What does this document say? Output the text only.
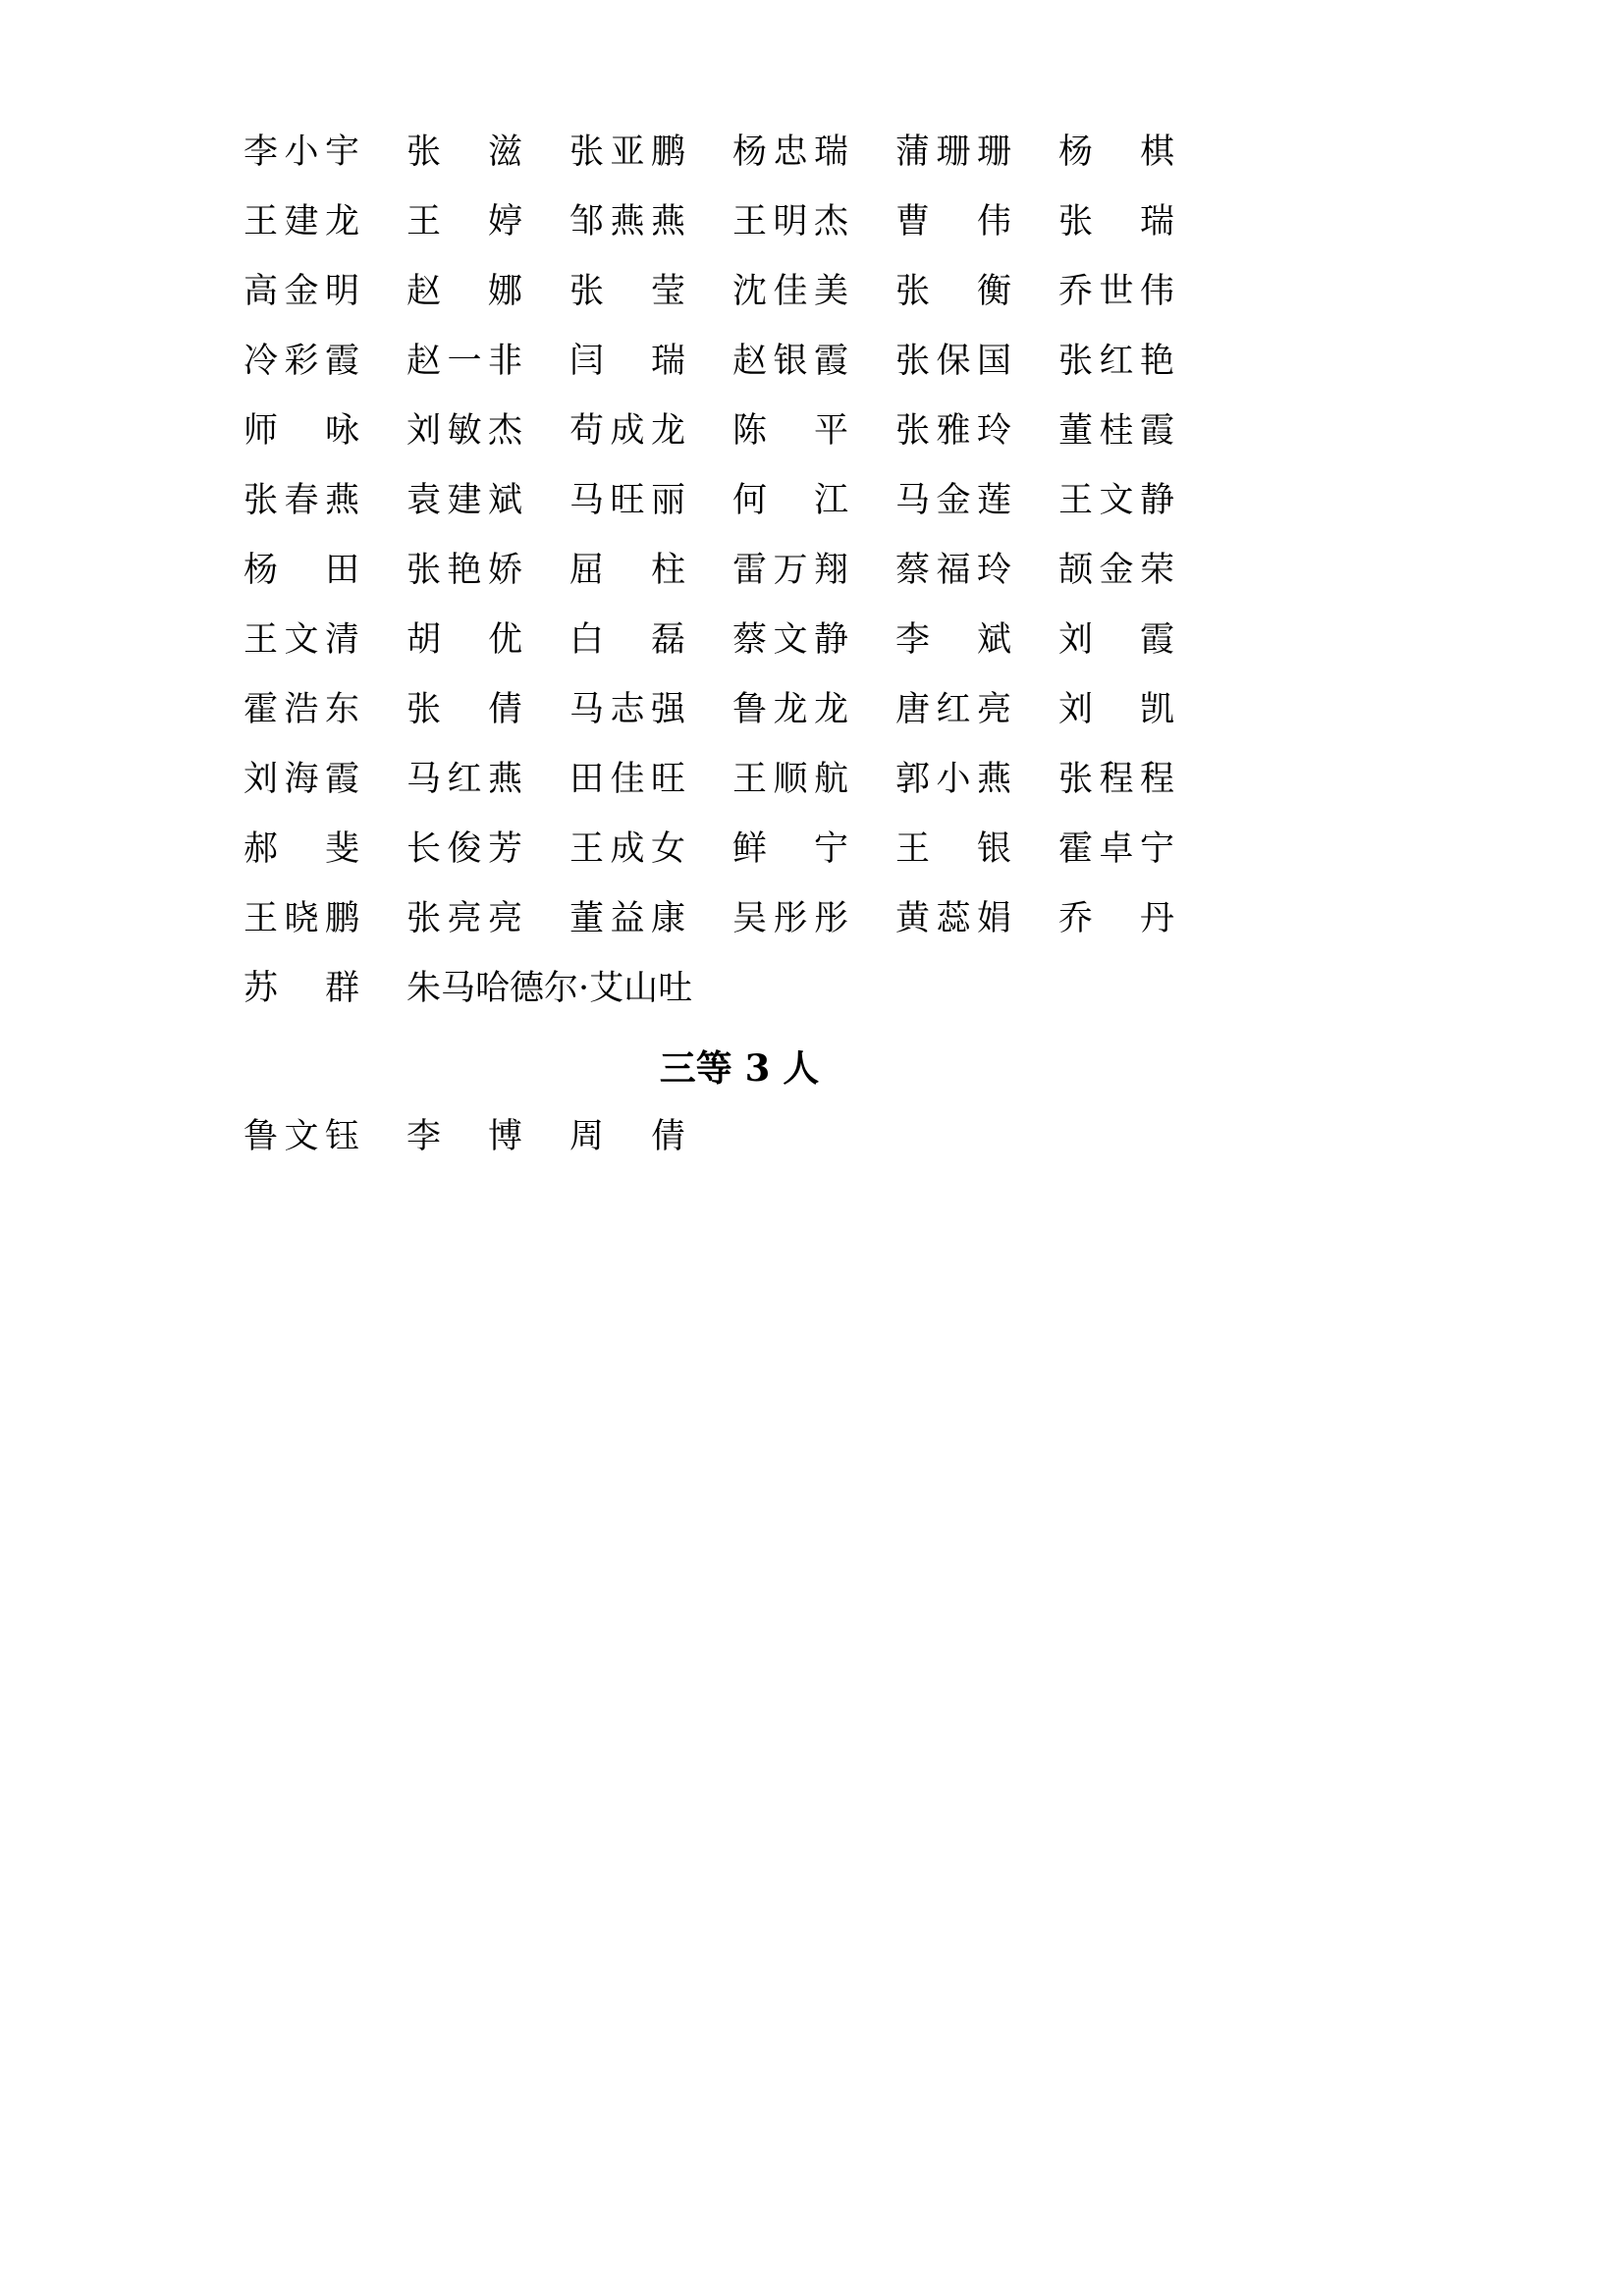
李 小 宇 张 滋 张 亚 鹏 杨 忠 瑞 蒲 珊 珊 杨 棋
王 建 龙 王 婷 邹 燕 燕 王 明 杰 曹 伟 张 瑞
高 金 明 赵 娜 张 莹 沈 佳 美 张 衡 乔 世 伟
冷 彩 霞 赵 一 非 闫 瑞 赵 银 霞 张 保 国 张 红 艳
师 咏 刘 敏 杰 苟 成 龙 陈 平 张 雅 玲 董 桂 霞
张 春 燕 袁 建 斌 马 旺 丽 何 江 马 金 莲 王 文 静
杨 田 张 艳 娇 屈 柱 雷 万 翔 蔡 福 玲 颉 金 荣
王 文 清 胡 优 白 磊 蔡 文 静 李 斌 刘 霞
霍 浩 东 张 倩 马 志 强 鲁 龙 龙 唐 红 亮 刘 凯
刘 海 霞 马 红 燕 田 佳 旺 王 顺 航 郭 小 燕 张 程 程
郝 斐 长 俊 芳 王 成 女 鲜 宁 王 银 霍 卓 宁
王 晓 鹏 张 亮 亮 董 益 康 吴 彤 彤 黄 蕊 娟 乔 丹
苏 群 朱马哈德尔·艾山吐
三等 3 人
鲁 文 钰 李 博 周 倩
